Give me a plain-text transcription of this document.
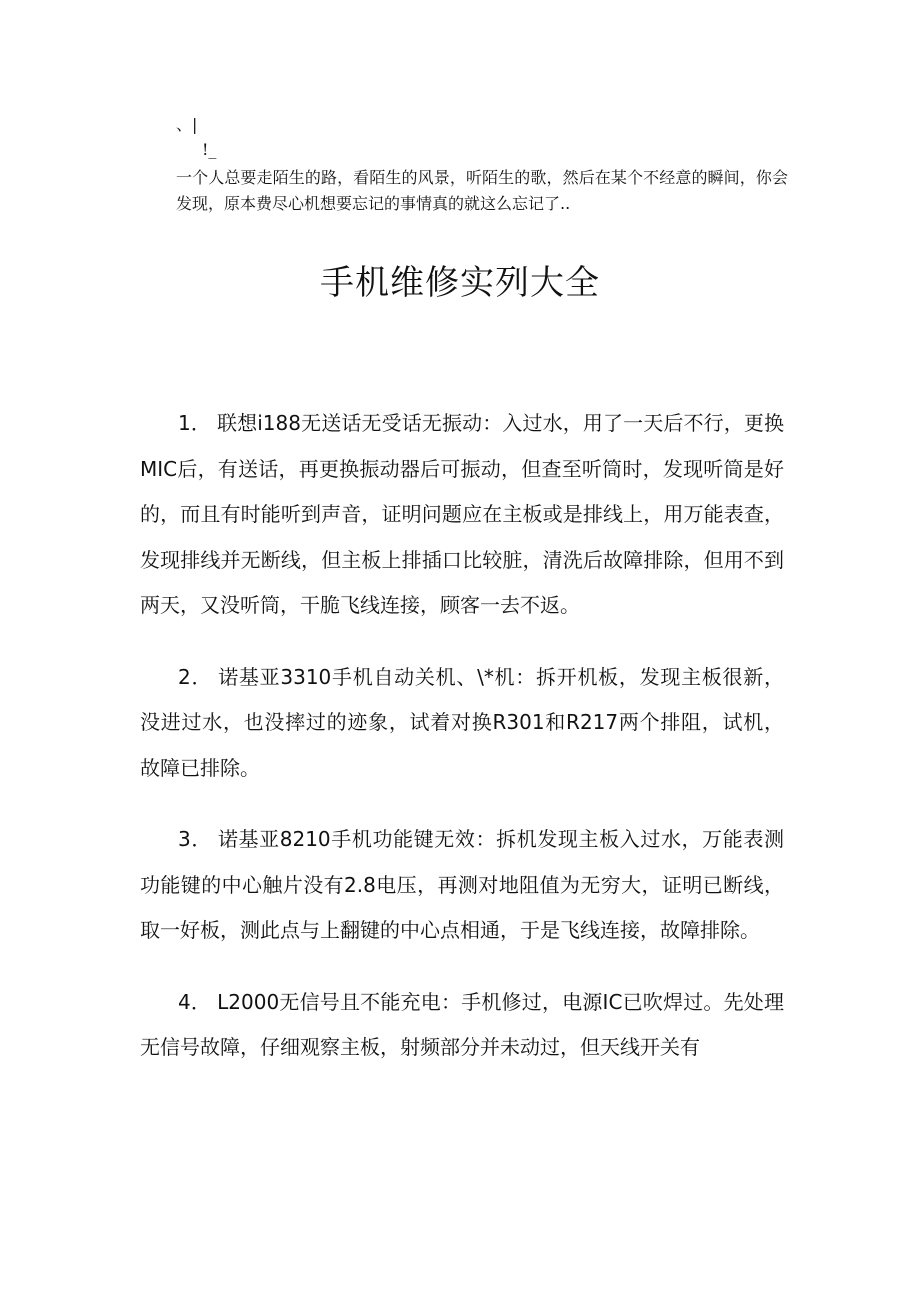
、|
!_
一个人总要走陌生的路，看陌生的风景，听陌生的歌，然后在某个不经意的瞬间，你会发现，原本费尽心机想要忘记的事情真的就这么忘记了..
手机维修实列大全

1． 联想i188无送话无受话无振动：入过水，用了一天后不行，更换MIC后，有送话，再更换振动器后可振动，但查至听筒时，发现听筒是好的，而且有时能听到声音，证明问题应在主板或是排线上，用万能表查，发现排线并无断线，但主板上排插口比较脏，清洗后故障排除，但用不到两天，又没听筒，干脆飞线连接，顾客一去不返。

2． 诺基亚3310手机自动关机、\*机：拆开机板，发现主板很新，没进过水，也没摔过的迹象，试着对换R301和R217两个排阻，试机，故障已排除。

3． 诺基亚8210手机功能键无效：拆机发现主板入过水，万能表测功能键的中心触片没有2.8电压，再测对地阻值为无穷大，证明已断线，取一好板，测此点与上翻键的中心点相通，于是飞线连接，故障排除。

4． L2000无信号且不能充电：手机修过，电源IC已吹焊过。先处理无信号故障，仔细观察主板，射频部分并未动过，但天线开关有
